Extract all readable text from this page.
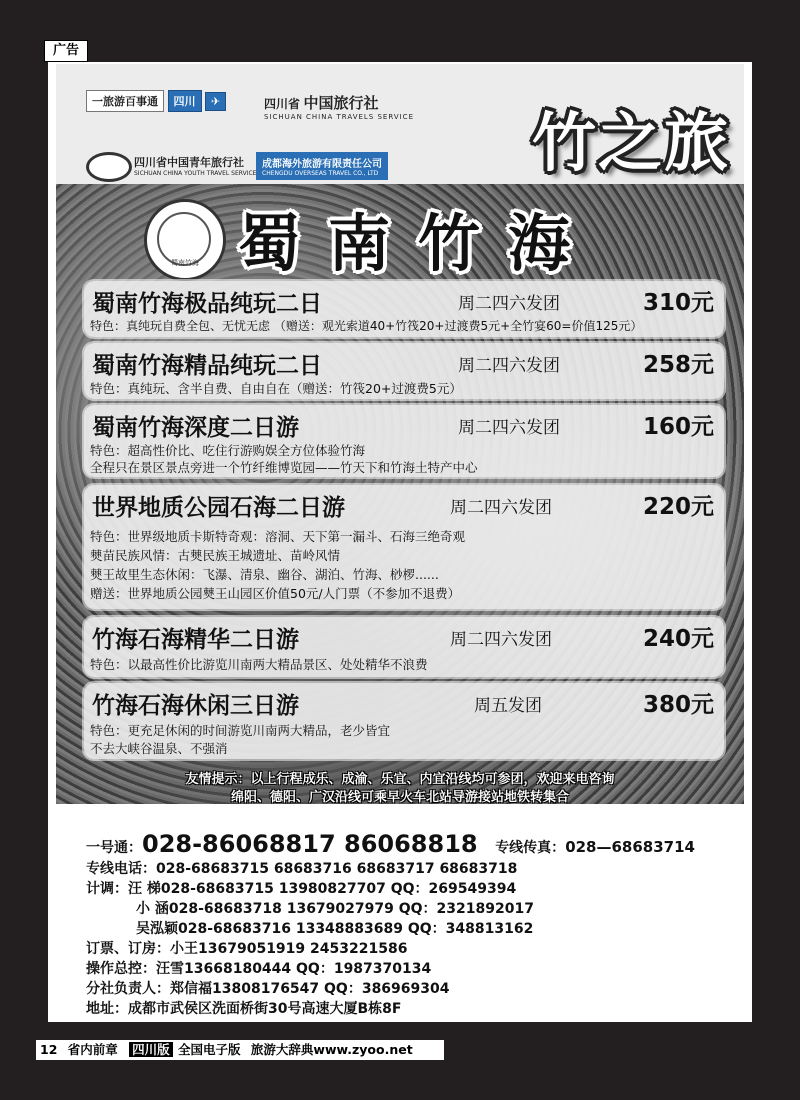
广告
一旅游百事通 四川 ✈	四川省 中国旅行社
SICHUAN CHINA TRAVELS SERVICE
四川省中国青年旅行社
SICHUAN CHINA YOUTH TRAVEL SERVICE
成都海外旅游有限责任公司
CHENGDU OVERSEAS TRAVEL CO., LTD 竹之旅
蜀南竹海 蜀 南 竹 海
蜀南竹海极品纯玩二日	周二四六发团	310元
特色：真纯玩自费全包、无忧无虑 （赠送：观光索道40+竹筏20+过渡费5元+全竹宴60=价值125元）
蜀南竹海精品纯玩二日	周二四六发团	258元
特色：真纯玩、含半自费、自由自在（赠送：竹筏20+过渡费5元）
蜀南竹海深度二日游	周二四六发团	160元
特色：超高性价比、吃住行游购娱全方位体验竹海
全程只在景区景点旁进一个竹纤维博览园——竹天下和竹海土特产中心
世界地质公园石海二日游	周二四六发团	220元
特色：世界级地质卡斯特奇观：溶洞、天下第一漏斗、石海三绝奇观
僰苗民族风情：古僰民族王城遗址、苗岭风情
僰王故里生态休闲：飞瀑、清泉、幽谷、湖泊、竹海、桫椤......
赠送：世界地质公园僰王山园区价值50元/人门票（不参加不退费）
竹海石海精华二日游	周二四六发团	240元
特色：以最高性价比游览川南两大精品景区、处处精华不浪费
竹海石海休闲三日游	周五发团	380元
特色：更充足休闲的时间游览川南两大精品，老少皆宜
不去大峡谷温泉、不强消
友情提示：以上行程成乐、成渝、乐宜、内宜沿线均可参团，欢迎来电咨询
绵阳、德阳、广汉沿线可乘早火车北站导游接站地铁转集合
一号通：028-86068817 86068818 专线传真：028—68683714
专线电话：028-68683715 68683716 68683717 68683718
计调：汪 梯028-68683715 13980827707 QQ：269549394
小 涵028-68683718 13679027979 QQ：2321892017
吴泓颖028-68683716 13348883689 QQ：348813162
订票、订房：小王13679051919 2453221586
操作总控：汪雪13668180444 QQ：1987370134
分社负责人：郑信福13808176547 QQ：386969304
地址：成都市武侯区洗面桥街30号高速大厦B栋8F
12 省内前章 四川版 全国电子版 旅游大辞典www.zyoo.net
